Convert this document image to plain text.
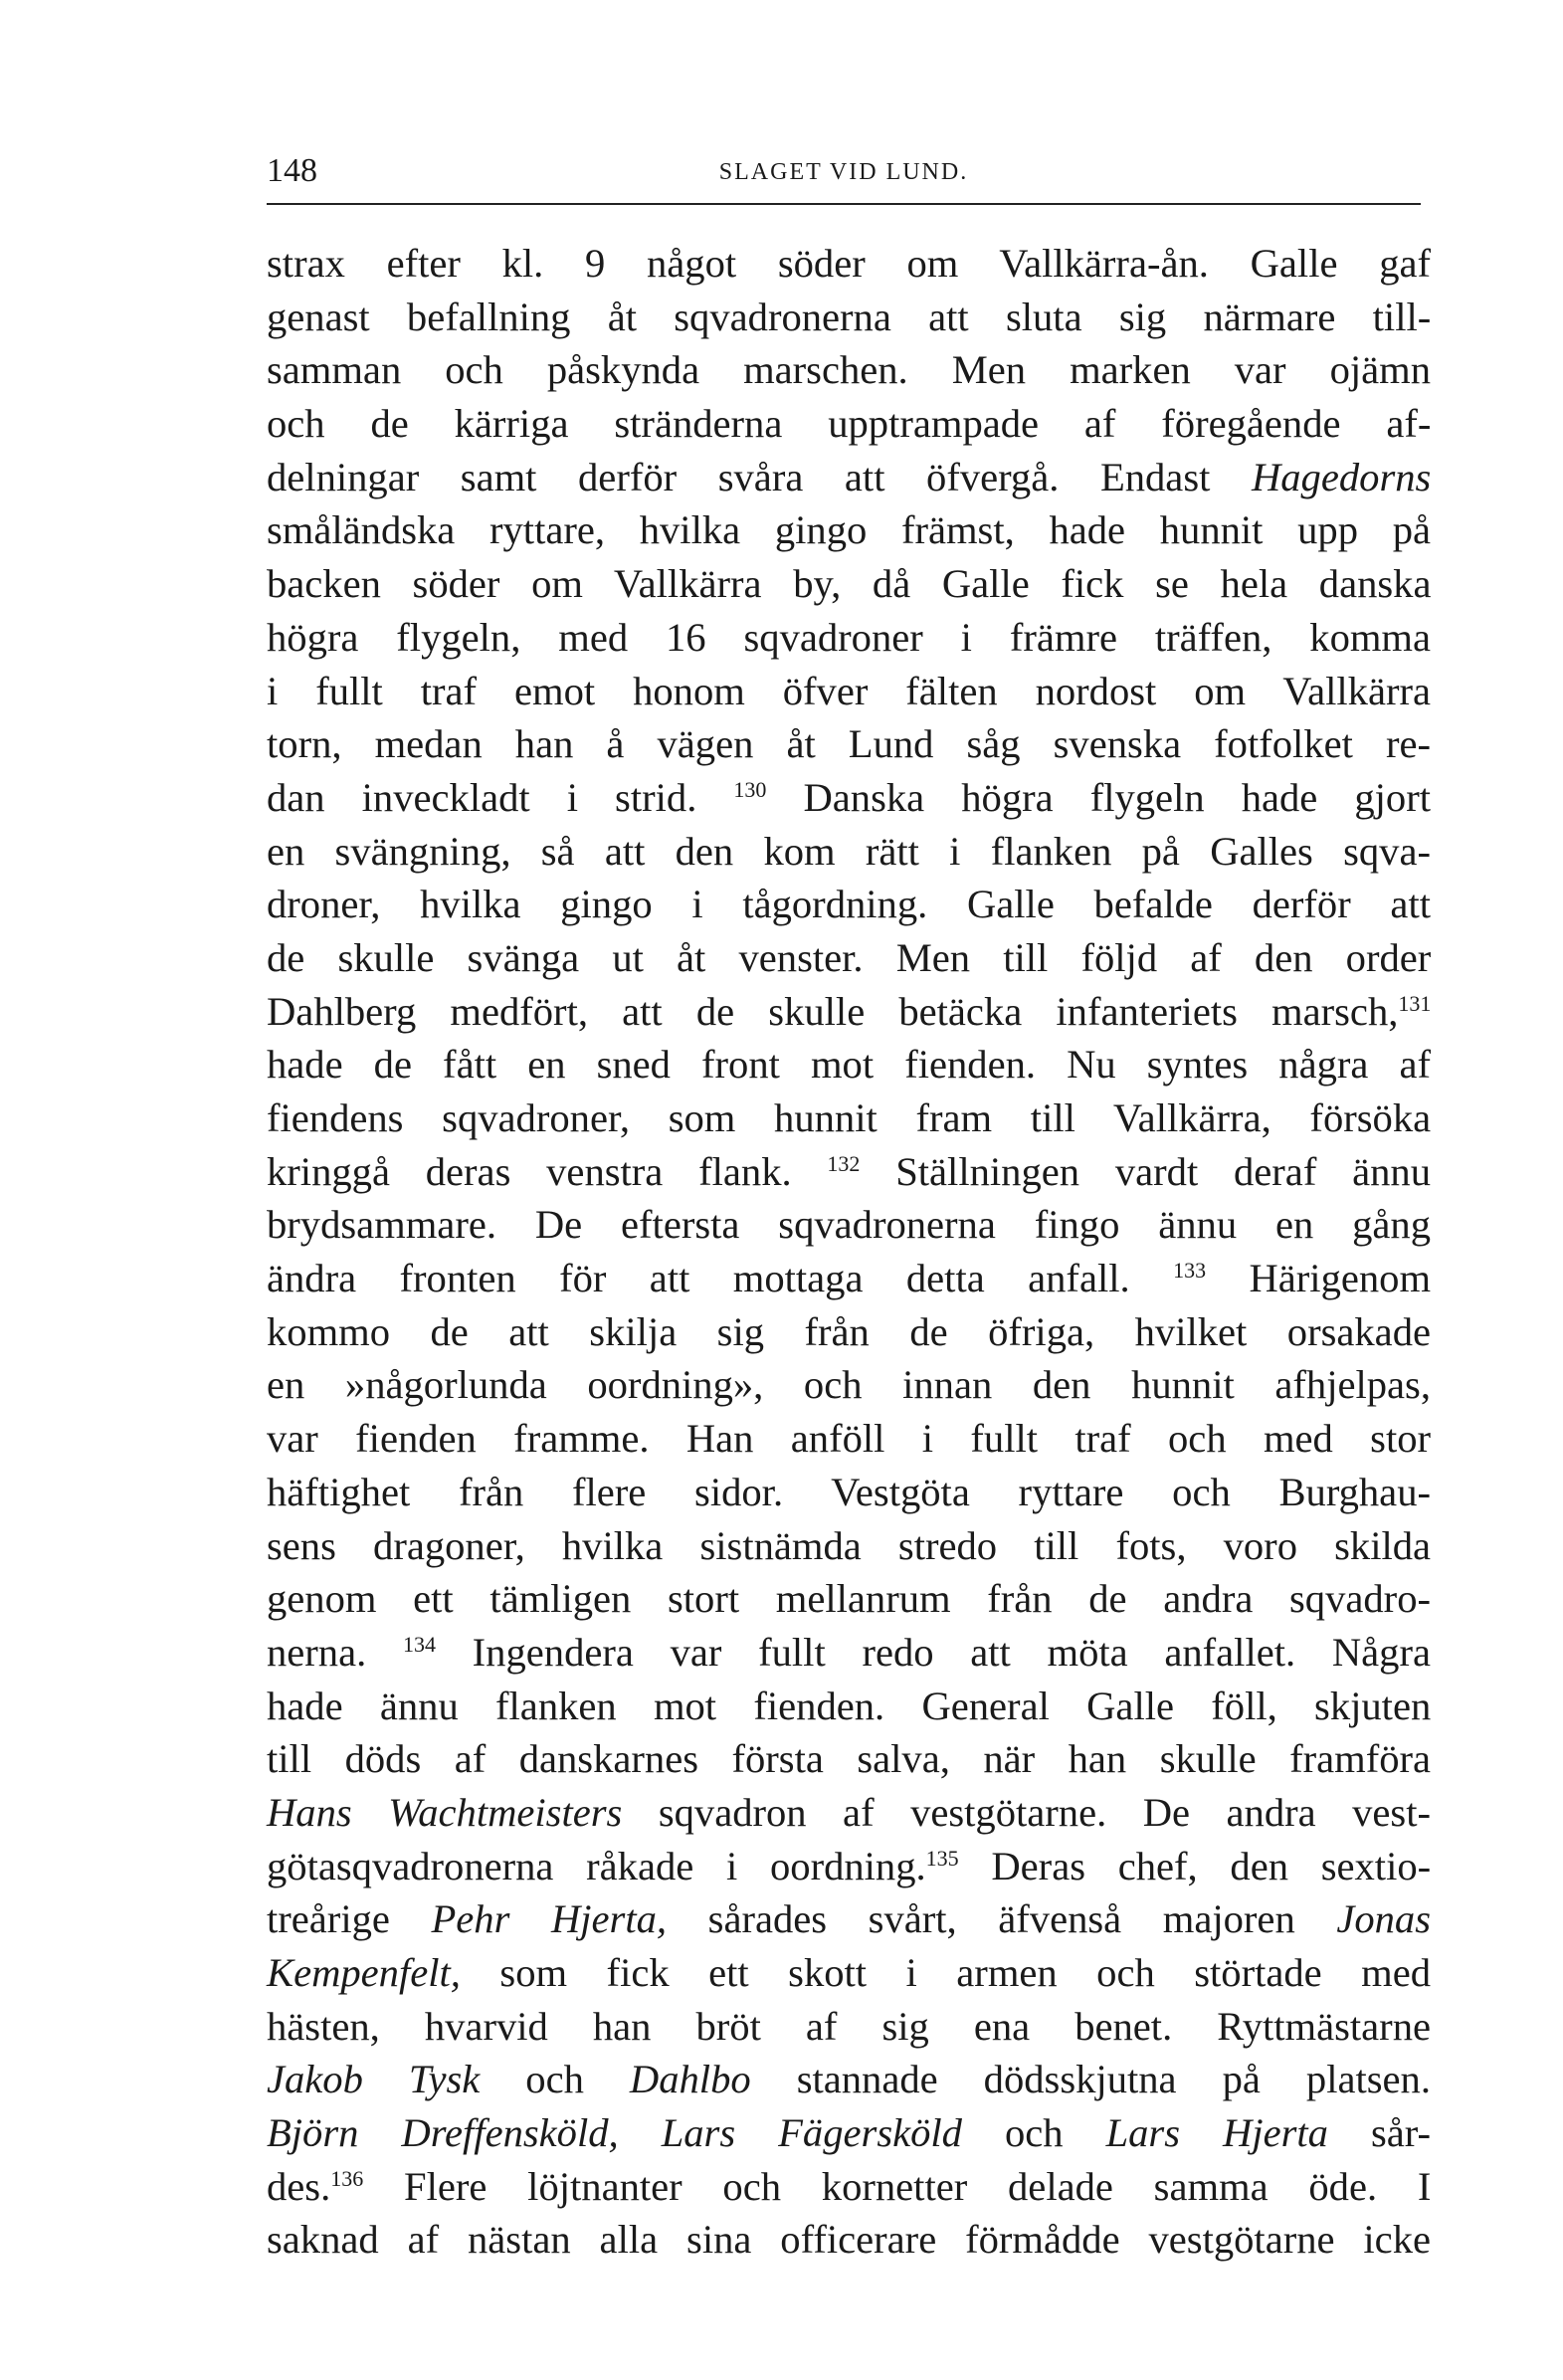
148	SLAGET VID LUND.
strax efter kl. 9 något söder om Vallkärra-ån. Galle gaf
genast befallning åt sqvadronerna att sluta sig närmare till-
samman och påskynda marschen. Men marken var ojämn
och de kärriga stränderna upptrampade af föregående af-
delningar samt derför svåra att öfvergå. Endast Hagedorns
småländska ryttare, hvilka gingo främst, hade hunnit upp på
backen söder om Vallkärra by, då Galle fick se hela danska
högra flygeln, med 16 sqvadroner i främre träffen, komma
i fullt traf emot honom öfver fälten nordost om Vallkärra
torn, medan han å vägen åt Lund såg svenska fotfolket re-
dan inveckladt i strid. $^{130}$ Danska högra flygeln hade gjort
en svängning, så att den kom rätt i flanken på Galles sqva-
droner, hvilka gingo i tågordning. Galle befalde derför att
de skulle svänga ut åt venster. Men till följd af den order
Dahlberg medfört, att de skulle betäcka infanteriets marsch,$^{131}$
hade de fått en sned front mot fienden. Nu syntes några af
fiendens sqvadroner, som hunnit fram till Vallkärra, försöka
kringgå deras venstra flank. $^{132}$ Ställningen vardt deraf ännu
brydsammare. De eftersta sqvadronerna fingo ännu en gång
ändra fronten för att mottaga detta anfall. $^{133}$ Härigenom
kommo de att skilja sig från de öfriga, hvilket orsakade
en »någorlunda oordning», och innan den hunnit afhjelpas,
var fienden framme. Han anföll i fullt traf och med stor
häftighet från flere sidor. Vestgöta ryttare och Burghau-
sens dragoner, hvilka sistnämda stredo till fots, voro skilda
genom ett tämligen stort mellanrum från de andra sqvadro-
nerna. $^{134}$ Ingendera var fullt redo att möta anfallet. Några
hade ännu flanken mot fienden. General Galle föll, skjuten
till döds af danskarnes första salva, när han skulle framföra
Hans Wachtmeisters sqvadron af vestgötarne. De andra vest-
götasqvadronerna råkade i oordning.$^{135}$ Deras chef, den sextio-
treårige Pehr Hjerta, sårades svårt, äfvenså majoren Jonas
Kempenfelt, som fick ett skott i armen och störtade med
hästen, hvarvid han bröt af sig ena benet. Ryttmästarne
Jakob Tysk och Dahlbo stannade dödsskjutna på platsen.
Björn Dreffensköld, Lars Fägersköld och Lars Hjerta sår-
des.$^{136}$ Flere löjtnanter och kornetter delade samma öde. I
saknad af nästan alla sina officerare förmådde vestgötarne icke
